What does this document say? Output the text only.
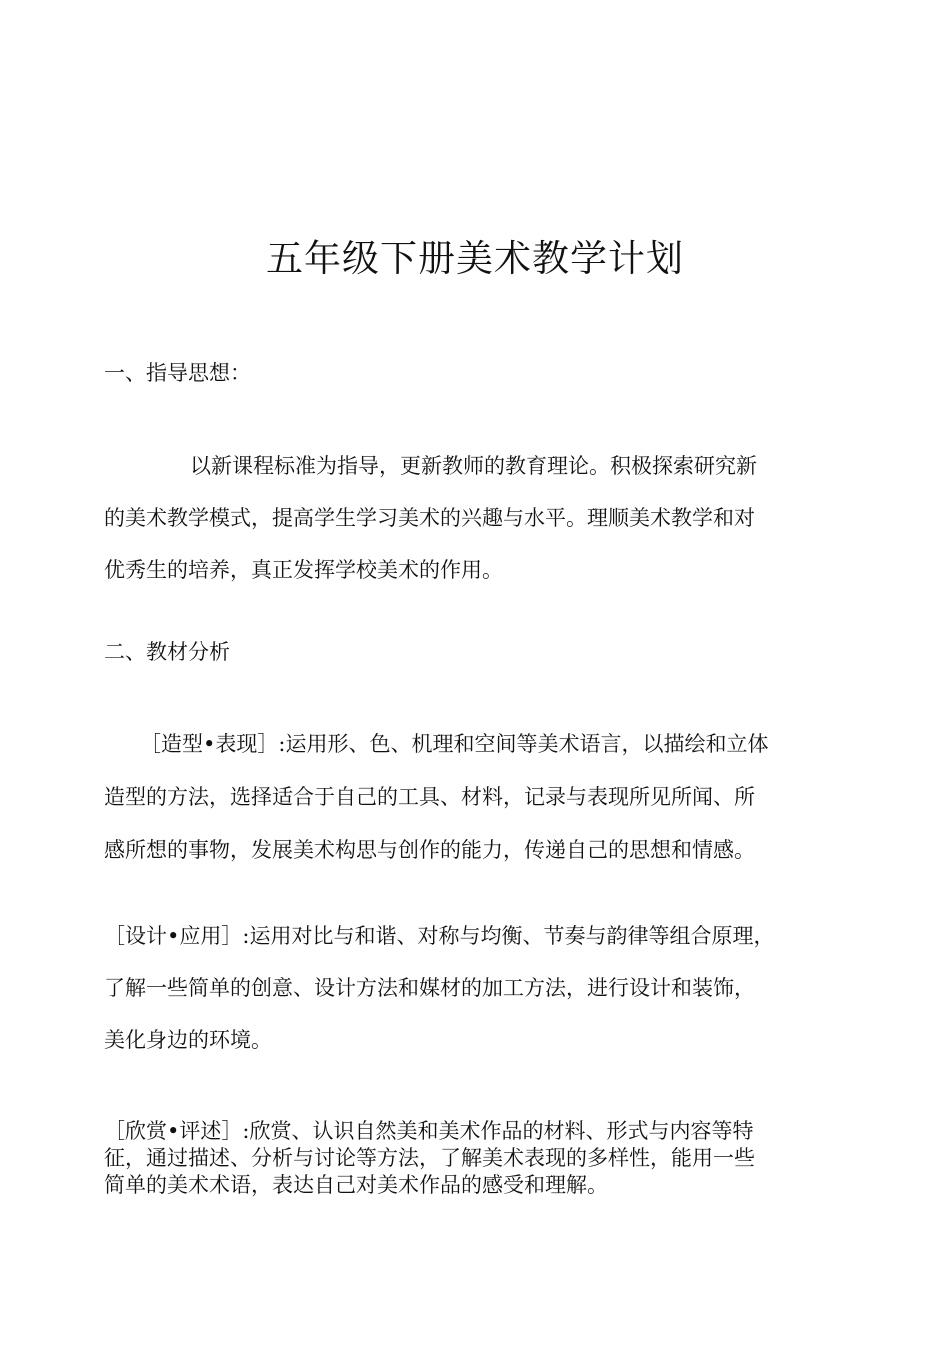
五年级下册美术教学计划

一、指导思想：

以新课程标准为指导，更新教师的教育理论。积极探索研究新
的美术教学模式，提高学生学习美术的兴趣与水平。理顺美术教学和对
优秀生的培养，真正发挥学校美术的作用。

二、教材分析

［造型•表现］:运用形、色、机理和空间等美术语言，以描绘和立体
造型的方法，选择适合于自己的工具、材料，记录与表现所见所闻、所
感所想的事物，发展美术构思与创作的能力，传递自己的思想和情感。
［设计•应用］:运用对比与和谐、对称与均衡、节奏与韵律等组合原理，
了解一些简单的创意、设计方法和媒材的加工方法，进行设计和装饰，
美化身边的环境。
［欣赏•评述］:欣赏、认识自然美和美术作品的材料、形式与内容等特
征，通过描述、分析与讨论等方法，了解美术表现的多样性，能用一些
简单的美术术语，表达自己对美术作品的感受和理解。
